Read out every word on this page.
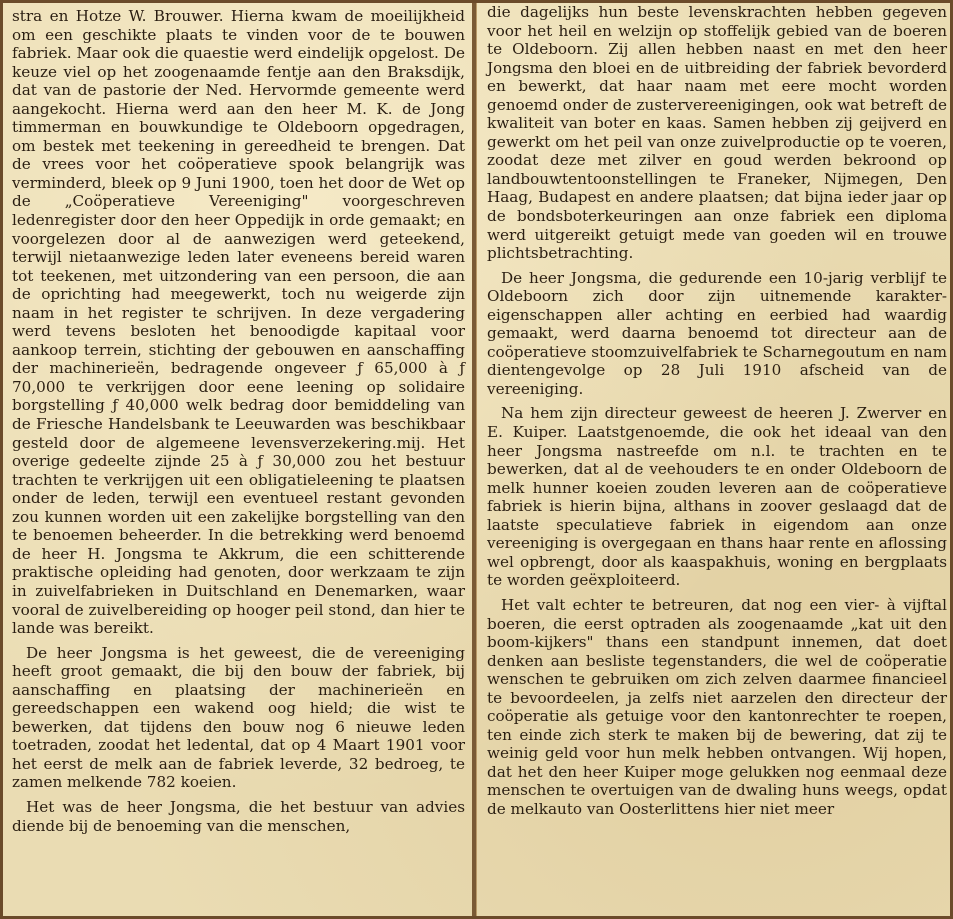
stra en Hotze W. Brouwer. Hierna kwam de moeilijkheid om een geschikte plaats te vinden voor de te bouwen fabriek. Maar ook die quaestie werd eindelijk opgelost. De keuze viel op het zoogenaamde fentje aan den Braksdijk, dat van de pastorie der Ned. Hervormde gemeente werd aangekocht. Hierna werd aan den heer M. K. de Jong timmerman en bouwkundige te Oldeboorn opgedragen, om bestek met teekening in gereedheid te brengen. Dat de vrees voor het coöperatieve spook belangrijk was verminderd, bleek op 9 Juni 1900, toen het door de Wet op de „Coöperatieve Vereeniging" voorgeschreven ledenregister door den heer Oppedijk in orde gemaakt; en voorgelezen door al de aanwezigen werd geteekend, terwijl nietaanwezige leden later eveneens bereid waren tot teekenen, met uitzondering van een persoon, die aan de oprichting had meegewerkt, toch nu weigerde zijn naam in het register te schrijven. In deze vergadering werd tevens besloten het benoodigde kapitaal voor aankoop terrein, stichting der gebouwen en aanschaffing der machinerieën, bedragende ongeveer ƒ 65,000 à ƒ 70,000 te verkrijgen door eene leening op solidaire borgstelling ƒ 40,000 welk bedrag door bemiddeling van de Friesche Handelsbank te Leeuwarden was beschikbaar gesteld door de algemeene levensverzekering.mij. Het overige gedeelte zijnde 25 à ƒ 30,000 zou het bestuur trachten te verkrijgen uit een obligatieleening te plaatsen onder de leden, terwijl een eventueel restant gevonden zou kunnen worden uit een zakelijke borgstelling van den te benoemen beheerder. In die betrekking werd benoemd de heer H. Jongsma te Akkrum, die een schitterende praktische opleiding had genoten, door werkzaam te zijn in zuivelfabrieken in Duitschland en Denemarken, waar vooral de zuivelbereiding op hooger peil stond, dan hier te lande was bereikt.

De heer Jongsma is het geweest, die de vereeniging heeft groot gemaakt, die bij den bouw der fabriek, bij aanschaffing en plaatsing der machinerieën en gereedschappen een wakend oog hield; die wist te bewerken, dat tijdens den bouw nog 6 nieuwe leden toetraden, zoodat het ledental, dat op 4 Maart 1901 voor het eerst de melk aan de fabriek leverde, 32 bedroeg, te zamen melkende 782 koeien.

Het was de heer Jongsma, die het bestuur van advies diende bij de benoeming van die menschen,

die dagelijks hun beste levenskrachten hebben gegeven voor het heil en welzijn op stoffelijk gebied van de boeren te Oldeboorn. Zij allen hebben naast en met den heer Jongsma den bloei en de uitbreiding der fabriek bevorderd en bewerkt, dat haar naam met eere mocht worden genoemd onder de zustervereenigingen, ook wat betreft de kwaliteit van boter en kaas. Samen hebben zij geijverd en gewerkt om het peil van onze zuivelproductie op te voeren, zoodat deze met zilver en goud werden bekroond op landbouwtentoonstellingen te Franeker, Nijmegen, Den Haag, Budapest en andere plaatsen; dat bijna ieder jaar op de bondsboterkeuringen aan onze fabriek een diploma werd uitgereikt getuigt mede van goeden wil en trouwe plichtsbetrachting.

De heer Jongsma, die gedurende een 10-jarig verblijf te Oldeboorn zich door zijn uitnemende karakter-eigenschappen aller achting en eerbied had waardig gemaakt, werd daarna benoemd tot directeur aan de coöperatieve stoomzuivelfabriek te Scharnegoutum en nam dientengevolge op 28 Juli 1910 afscheid van de vereeniging.

Na hem zijn directeur geweest de heeren J. Zwerver en E. Kuiper. Laatstgenoemde, die ook het ideaal van den heer Jongsma nastreefde om n.l. te trachten en te bewerken, dat al de veehouders te en onder Oldeboorn de melk hunner koeien zouden leveren aan de coöperatieve fabriek is hierin bijna, althans in zoover geslaagd dat de laatste speculatieve fabriek in eigendom aan onze vereeniging is overgegaan en thans haar rente en aflossing wel opbrengt, door als kaaspakhuis, woning en bergplaats te worden geëxploiteerd.

Het valt echter te betreuren, dat nog een vier- à vijftal boeren, die eerst optraden als zoogenaamde „kat uit den boom-kijkers" thans een standpunt innemen, dat doet denken aan besliste tegenstanders, die wel de coöperatie wenschen te gebruiken om zich zelven daarmee financieel te bevoordeelen, ja zelfs niet aarzelen den directeur der coöperatie als getuige voor den kantonrechter te roepen, ten einde zich sterk te maken bij de bewering, dat zij te weinig geld voor hun melk hebben ontvangen. Wij hopen, dat het den heer Kuiper moge gelukken nog eenmaal deze menschen te overtuigen van de dwaling huns weegs, opdat de melkauto van Oosterlittens hier niet meer
